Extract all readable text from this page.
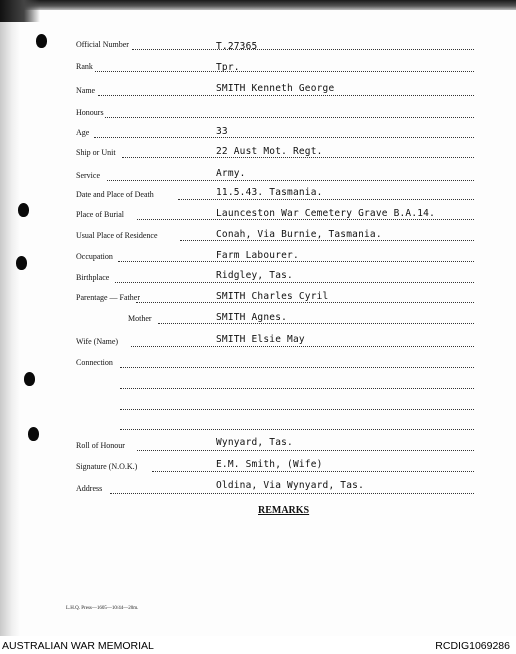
Official Number	T.27365
Rank	Tpr.
Name	SMITH Kenneth George
Honours
Age	33
Ship or Unit	22 Aust Mot. Regt.
Service	Army.
Date and Place of Death	11.5.43. Tasmania.
Place of Burial	Launceston War Cemetery Grave B.A.14.
Usual Place of Residence	Conah, Via Burnie, Tasmania.
Occupation	Farm Labourer.
Birthplace	Ridgley, Tas.
Parentage — Father	SMITH Charles Cyril
Mother	SMITH Agnes.
Wife (Name)	SMITH Elsie May
Connection
Roll of Honour	Wynyard, Tas.
Signature (N.O.K.)	E.M. Smith, (Wife)
Address	Oldina, Via Wynyard, Tas.
REMARKS
L.H.Q. Press—1605—10/44—20m.
AUSTRALIAN WAR MEMORIAL	RCDIG1069286
